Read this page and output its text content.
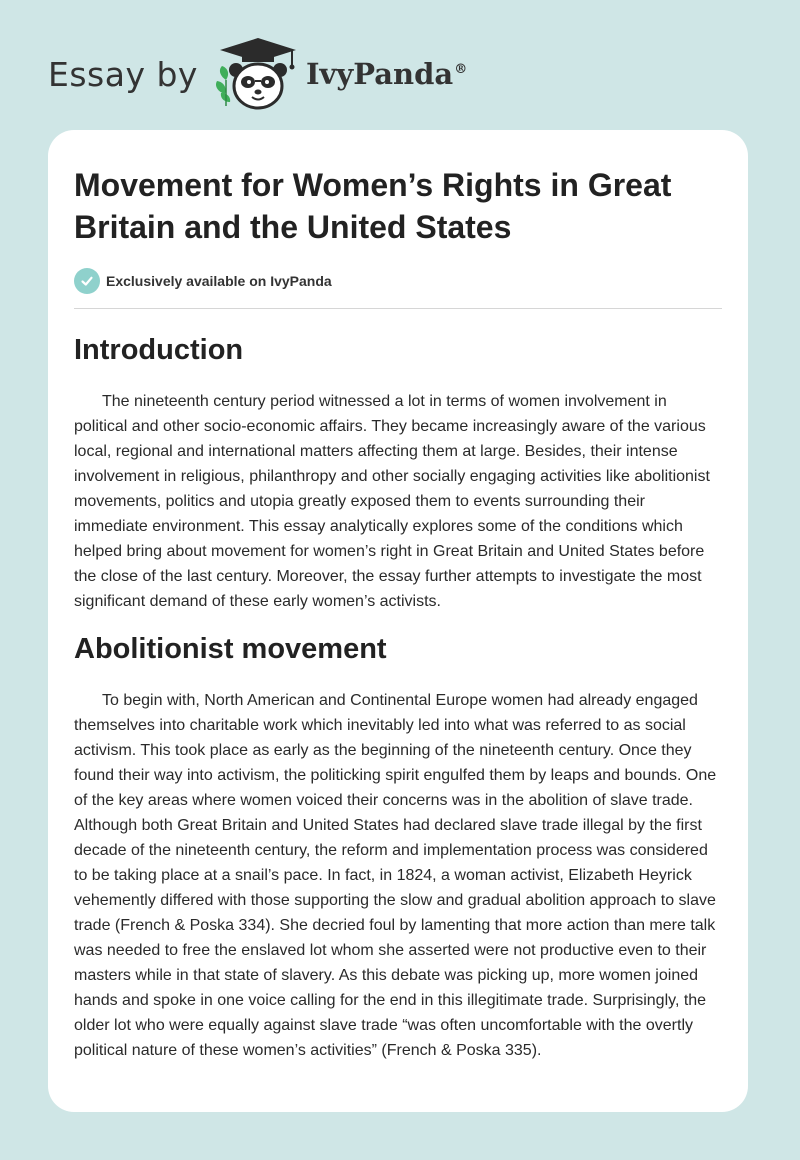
Essay by	IvyPanda®
Movement for Women’s Rights in Great Britain and the United States
Exclusively available on IvyPanda
Introduction

The nineteenth century period witnessed a lot in terms of women involvement in political and other socio-economic affairs. They became increasingly aware of the various local, regional and international matters affecting them at large. Besides, their intense involvement in religious, philanthropy and other socially engaging activities like abolitionist movements, politics and utopia greatly exposed them to events surrounding their immediate environment. This essay analytically explores some of the conditions which helped bring about movement for women’s right in Great Britain and United States before the close of the last century. Moreover, the essay further attempts to investigate the most significant demand of these early women’s activists.

Abolitionist movement

To begin with, North American and Continental Europe women had already engaged themselves into charitable work which inevitably led into what was referred to as social activism. This took place as early as the beginning of the nineteenth century. Once they found their way into activism, the politicking spirit engulfed them by leaps and bounds. One of the key areas where women voiced their concerns was in the abolition of slave trade. Although both Great Britain and United States had declared slave trade illegal by the first decade of the nineteenth century, the reform and implementation process was considered to be taking place at a snail’s pace. In fact, in 1824, a woman activist, Elizabeth Heyrick vehemently differed with those supporting the slow and gradual abolition approach to slave trade (French & Poska 334). She decried foul by lamenting that more action than mere talk was needed to free the enslaved lot whom she asserted were not productive even to their masters while in that state of slavery. As this debate was picking up, more women joined hands and spoke in one voice calling for the end in this illegitimate trade. Surprisingly, the older lot who were equally against slave trade “was often uncomfortable with the overtly political nature of these women’s activities” (French & Poska 335).
